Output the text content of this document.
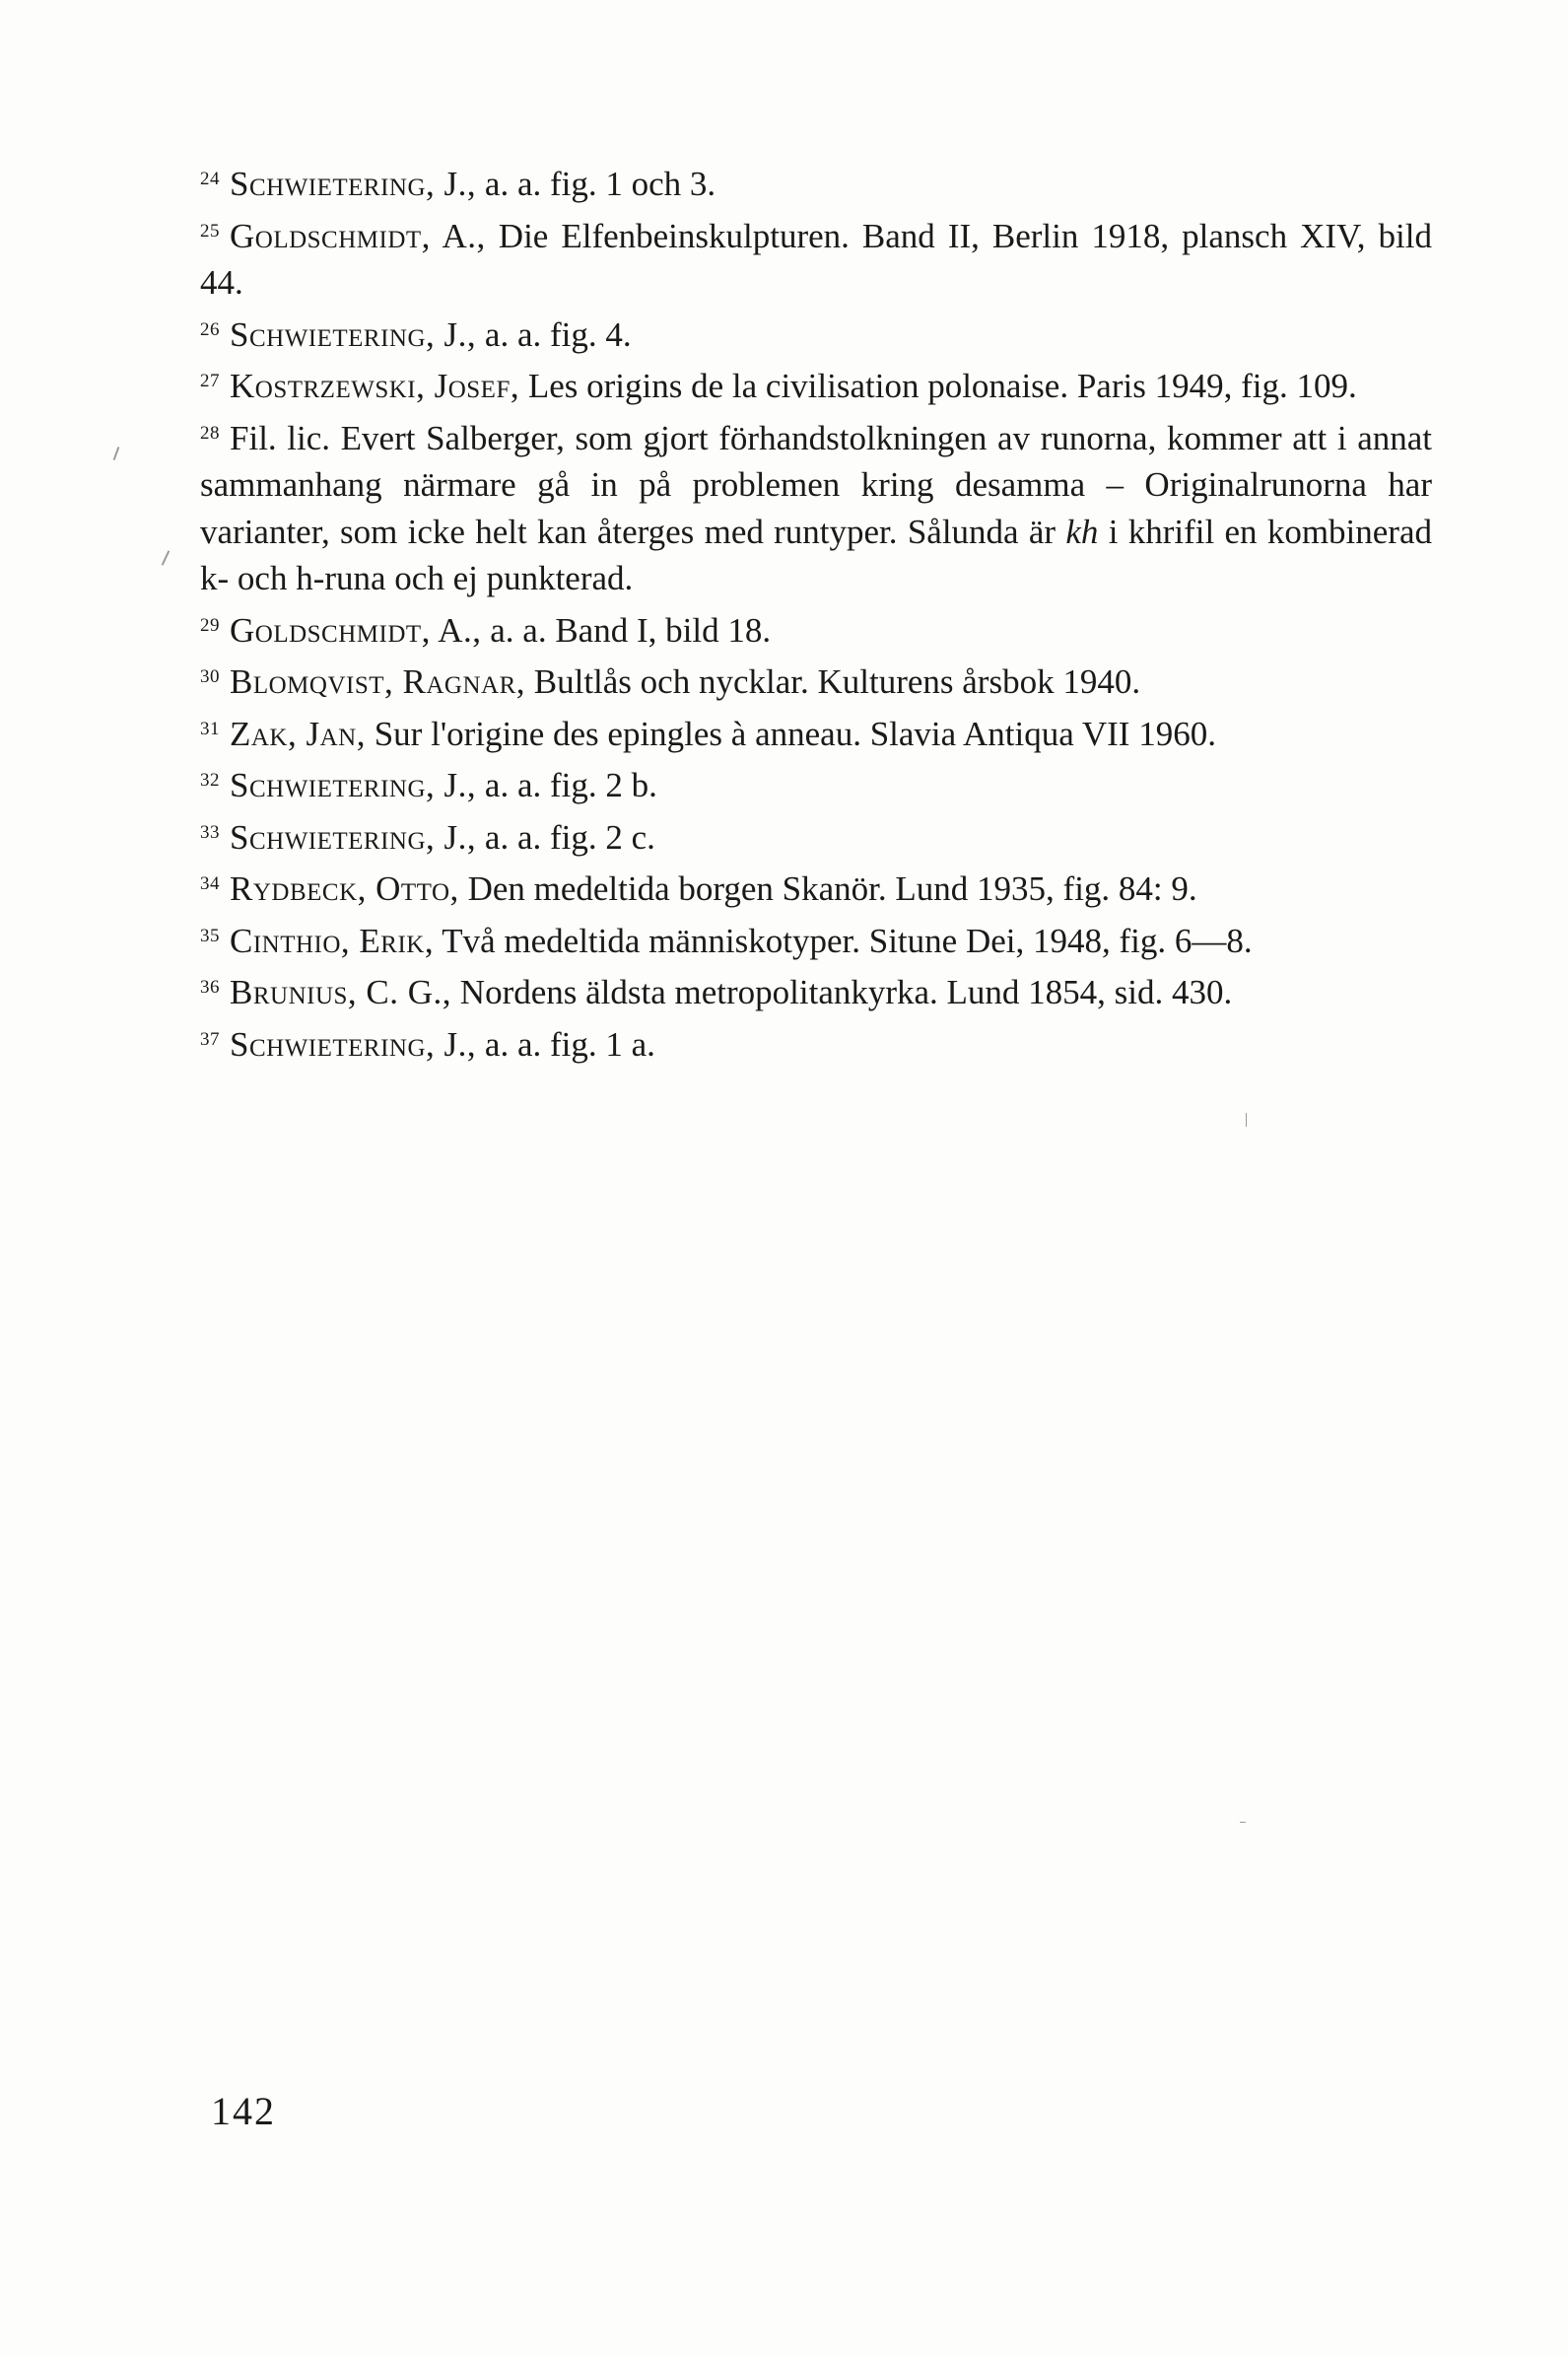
$^{24}$ Schwietering, J., a. a. fig. 1 och 3.

$^{25}$ Goldschmidt, A., Die Elfenbeinskulpturen. Band II, Berlin 1918, plansch XIV, bild 44.

$^{26}$ Schwietering, J., a. a. fig. 4.

$^{27}$ Kostrzewski, Josef, Les origins de la civilisation polonaise. Paris 1949, fig. 109.

$^{28}$ Fil. lic. Evert Salberger, som gjort förhandstolkningen av runorna, kommer att i annat sammanhang närmare gå in på problemen kring desamma – Originalrunorna har varianter, som icke helt kan återges med runtyper. Sålunda är kh i khrifil en kombinerad k- och h-runa och ej punkterad.

$^{29}$ Goldschmidt, A., a. a. Band I, bild 18.

$^{30}$ Blomqvist, Ragnar, Bultlås och nycklar. Kulturens årsbok 1940.

$^{31}$ Zak, Jan, Sur l'origine des epingles à anneau. Slavia Antiqua VII 1960.

$^{32}$ Schwietering, J., a. a. fig. 2 b.

$^{33}$ Schwietering, J., a. a. fig. 2 c.

$^{34}$ Rydbeck, Otto, Den medeltida borgen Skanör. Lund 1935, fig. 84: 9.

$^{35}$ Cinthio, Erik, Två medeltida människotyper. Situne Dei, 1948, fig. 6—8.

$^{36}$ Brunius, C. G., Nordens äldsta metropolitankyrka. Lund 1854, sid. 430.

$^{37}$ Schwietering, J., a. a. fig. 1 a.

142
